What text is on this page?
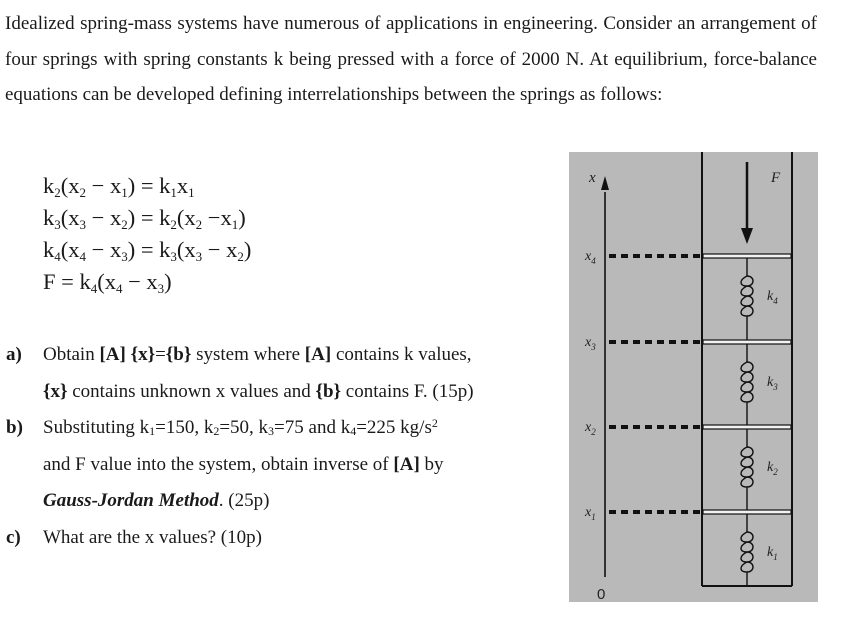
Idealized spring-mass systems have numerous of applications in engineering. Consider an arrangement of four springs with spring constants k being pressed with a force of 2000 N. At equilibrium, force-balance equations can be developed defining interrelationships between the springs as follows:
$k_2(x_2 - x_1) = k_1x_1$
$k_3(x_3 - x_2) = k_2(x_2 -x_1)$
$k_4(x_4 - x_3) = k_3(x_3 - x_2)$
$F = k_4(x_4 - x_3)$
a) Obtain [A] {x}={b} system where [A] contains k values,
{x} contains unknown x values and {b} contains F. (15p)
b) Substituting $k_1=150$, $k_2=50$, $k_3=75$ and $k_4=225$ $kg/s^2$
and F value into the system, obtain inverse of [A] by
Gauss-Jordan Method. (25p)
c) What are the x values? (10p)
x
0
$x_4$
$x_3$
$x_2$
$x_1$
F
$k_4$
$k_3$
$k_2$
$k_1$
